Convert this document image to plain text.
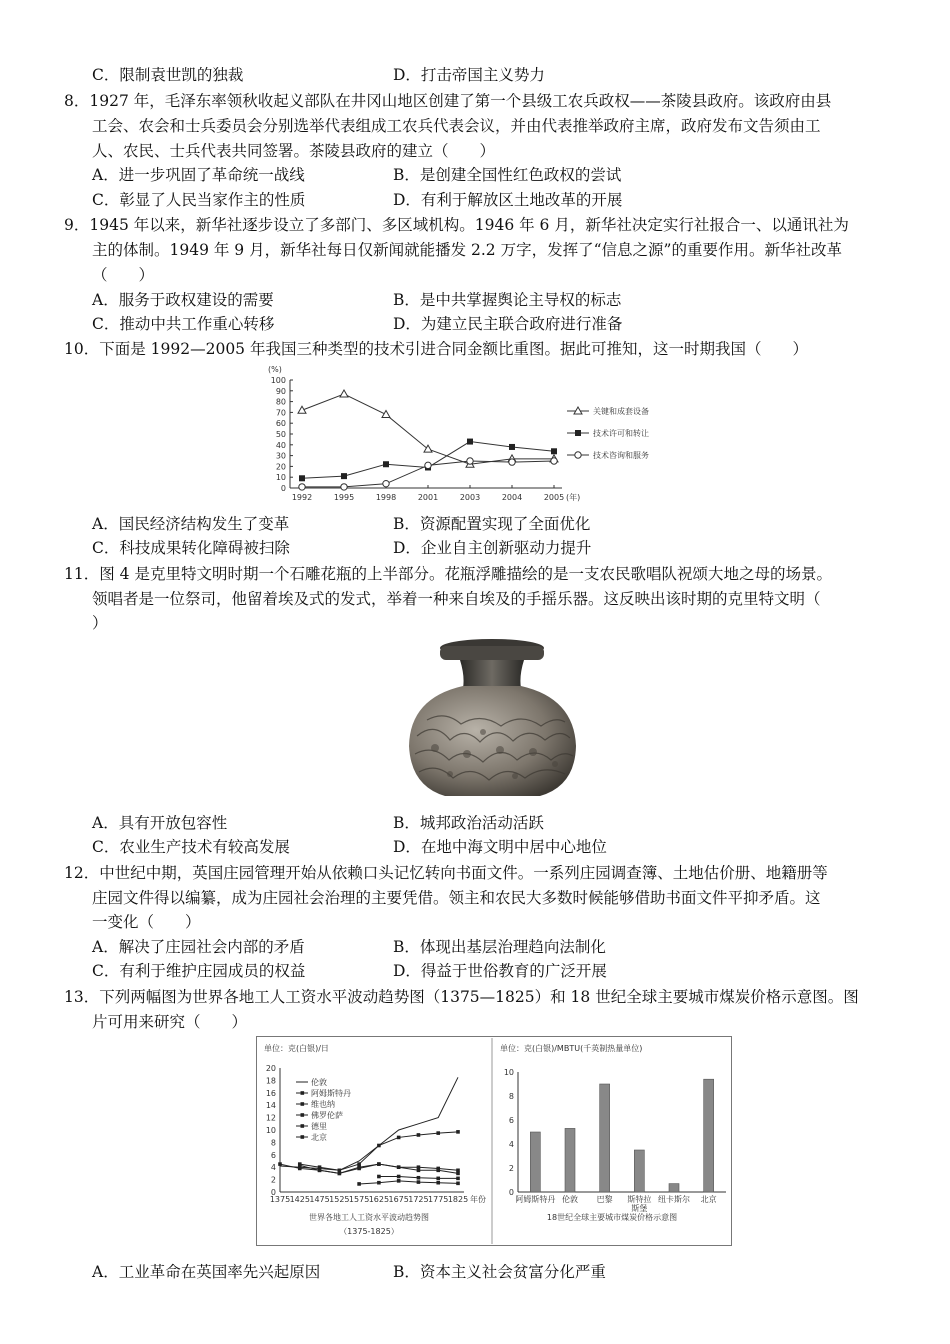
C．限制袁世凯的独裁	D．打击帝国主义势力
8．1927 年，毛泽东率领秋收起义部队在井冈山地区创建了第一个县级工农兵政权——茶陵县政府。该政府由县
工会、农会和士兵委员会分别选举代表组成工农兵代表会议，并由代表推举政府主席，政府发布文告须由工
人、农民、士兵代表共同签署。茶陵县政府的建立（　　）
A．进一步巩固了革命统一战线	B．是创建全国性红色政权的尝试
C．彰显了人民当家作主的性质	D．有利于解放区土地改革的开展
9．1945 年以来，新华社逐步设立了多部门、多区域机构。1946 年 6 月，新华社决定实行社报合一、以通讯社为
主的体制。1949 年 9 月，新华社每日仅新闻就能播发 2.2 万字，发挥了“信息之源”的重要作用。新华社改革
（　　）
A．服务于政权建设的需要	B．是中共掌握舆论主导权的标志
C．推动中共工作重心转移	D．为建立民主联合政府进行准备
10．下面是 1992—2005 年我国三种类型的技术引进合同金额比重图。据此可推知，这一时期我国（　　）
(%)
0
10
20
30
40
50
60
70
80
90
100
1992	1995	1998	2001	2003	2004	2005 (年)
关键和成套设备
技术许可和转让
技术咨询和服务
A．国民经济结构发生了变革	B．资源配置实现了全面优化
C．科技成果转化障碍被扫除	D．企业自主创新驱动力提升
11．图 4 是克里特文明时期一个石雕花瓶的上半部分。花瓶浮雕描绘的是一支农民歌唱队祝颂大地之母的场景。
领唱者是一位祭司，他留着埃及式的发式，举着一种来自埃及的手摇乐器。这反映出该时期的克里特文明（
）
A．具有开放包容性	B．城邦政治活动活跃
C．农业生产技术有较高发展	D．在地中海文明中居中心地位
12．中世纪中期，英国庄园管理开始从依赖口头记忆转向书面文件。一系列庄园调查簿、土地估价册、地籍册等
庄园文件得以编纂，成为庄园社会治理的主要凭借。领主和农民大多数时候能够借助书面文件平抑矛盾。这
一变化（　　）
A．解决了庄园社会内部的矛盾	B．体现出基层治理趋向法制化
C．有利于维护庄园成员的权益	D．得益于世俗教育的广泛开展
13．下列两幅图为世界各地工人工资水平波动趋势图（1375—1825）和 18 世纪全球主要城市煤炭价格示意图。图
片可用来研究（　　）
单位：克(白银)/日
0
2
4
6
8
10
12
14
16
18
20
1375 1425 1475 1525 1575 1625 1675 1725 1775 1825 年份
世界各地工人工资水平波动趋势图
（1375-1825）
伦敦
阿姆斯特丹
维也纳
佛罗伦萨
德里
北京
单位：克(白银)/MBTU(千英制热量单位)
0
2
4
6
8
10
阿姆斯特丹 伦敦 巴黎 斯特拉
斯堡
纽卡斯尔 北京
18世纪全球主要城市煤炭价格示意图
A．工业革命在英国率先兴起原因	B．资本主义社会贫富分化严重
